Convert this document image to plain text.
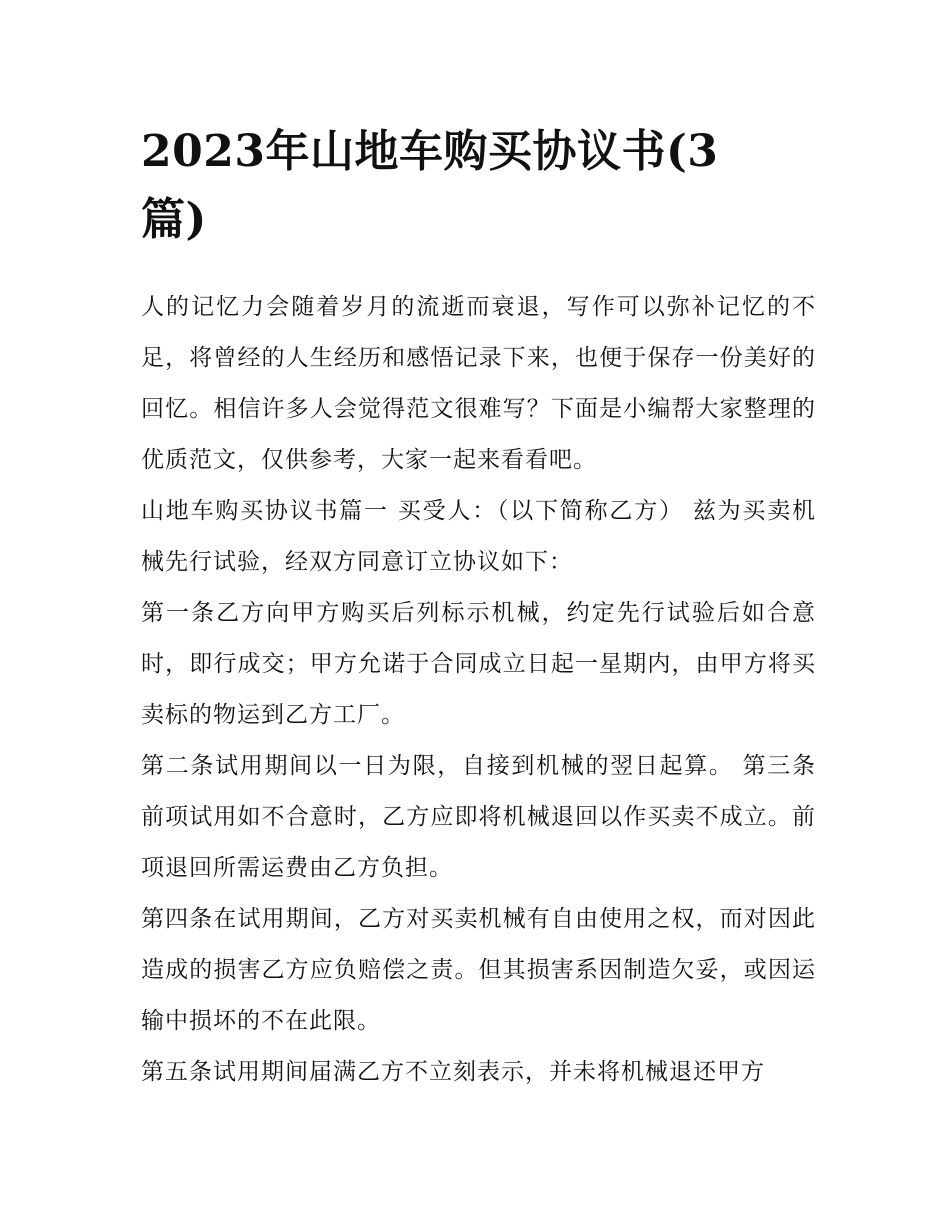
2023年山地车购买协议书(3篇)

人的记忆力会随着岁月的流逝而衰退，写作可以弥补记忆的不足，将曾经的人生经历和感悟记录下来，也便于保存一份美好的回忆。相信许多人会觉得范文很难写？下面是小编帮大家整理的优质范文，仅供参考，大家一起来看看吧。

山地车购买协议书篇一 买受人：（以下简称乙方） 兹为买卖机械先行试验，经双方同意订立协议如下：

第一条乙方向甲方购买后列标示机械，约定先行试验后如合意时，即行成交；甲方允诺于合同成立日起一星期内，由甲方将买卖标的物运到乙方工厂。

第二条试用期间以一日为限，自接到机械的翌日起算。 第三条前项试用如不合意时，乙方应即将机械退回以作买卖不成立。前项退回所需运费由乙方负担。

第四条在试用期间，乙方对买卖机械有自由使用之权，而对因此造成的损害乙方应负赔偿之责。但其损害系因制造欠妥，或因运输中损坏的不在此限。

第五条试用期间届满乙方不立刻表示，并未将机械退还甲方
